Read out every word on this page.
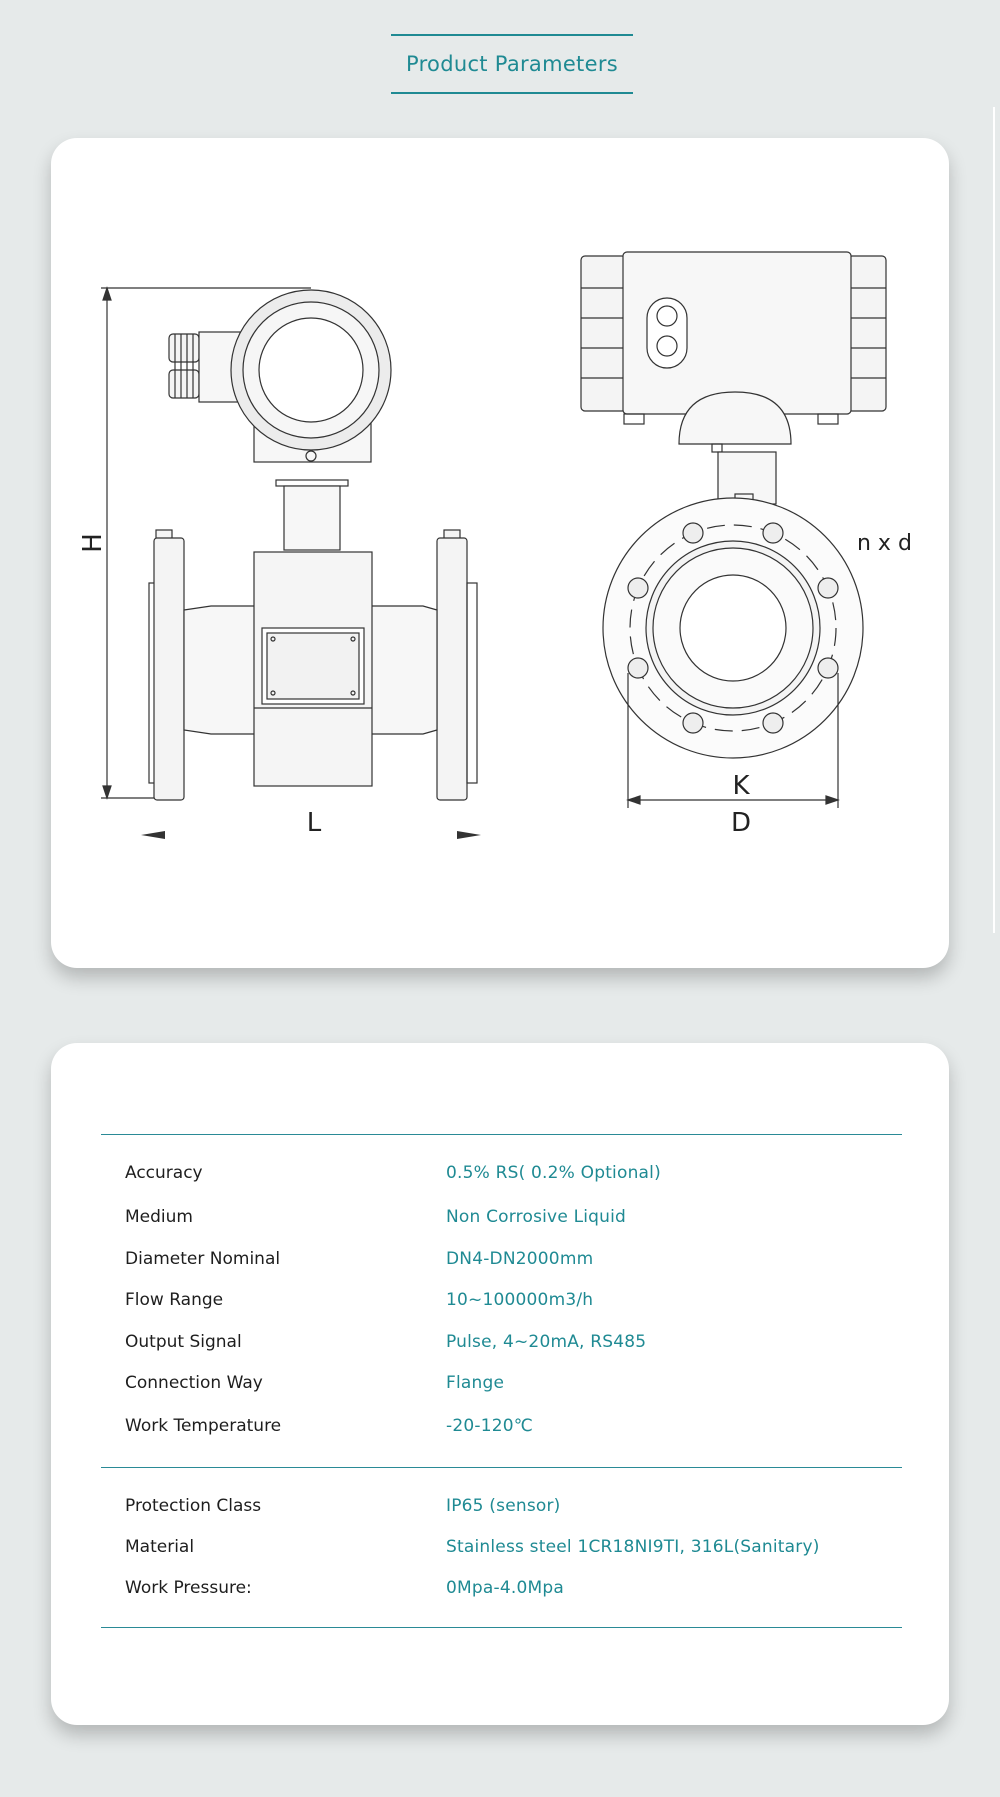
Product Parameters
H
L
n x d
K
D
Accuracy	0.5% RS( 0.2% Optional)
Medium	Non Corrosive Liquid
Diameter Nominal	DN4-DN2000mm
Flow Range	10~100000m3/h
Output Signal	Pulse, 4~20mA, RS485
Connection Way	Flange
Work Temperature	-20-120℃
Protection Class	IP65 (sensor)
Material	Stainless steel 1CR18NI9TI, 316L(Sanitary)
Work Pressure:	0Mpa-4.0Mpa
